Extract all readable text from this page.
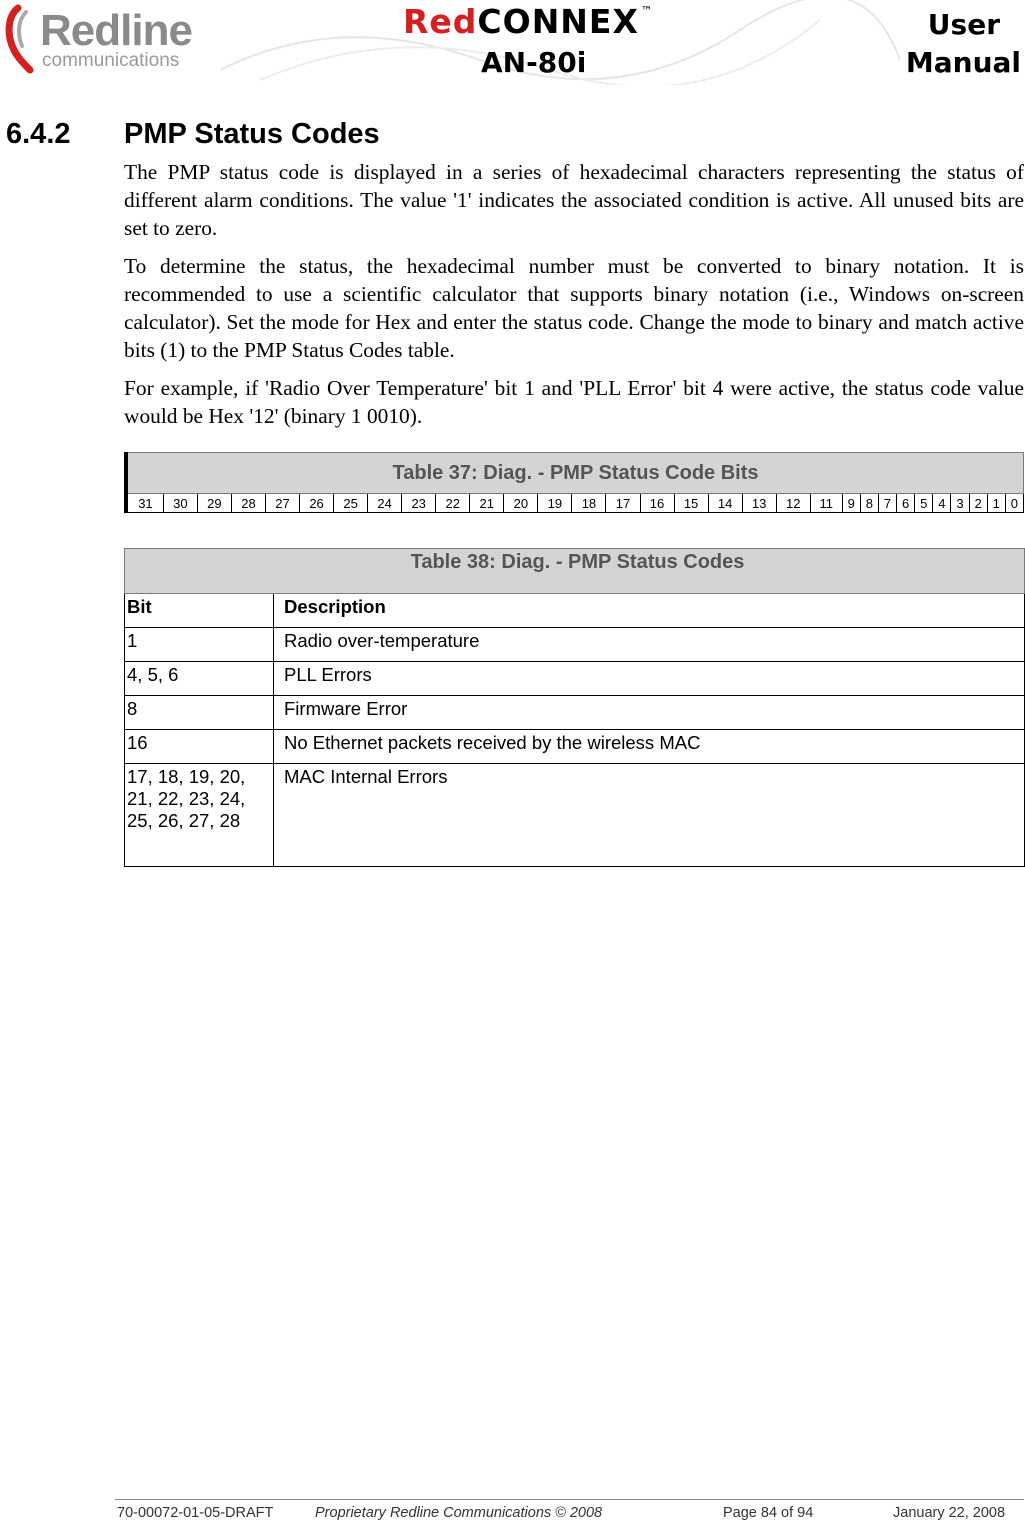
Redline
communications
RedCONNEX ™
AN-80i
User
Manual
6.4.2 PMP Status Codes

The PMP status code is displayed in a series of hexadecimal characters representing the status of different alarm conditions. The value '1' indicates the associated condition is active. All unused bits are set to zero.

To determine the status, the hexadecimal number must be converted to binary notation. It is recommended to use a scientific calculator that supports binary notation (i.e., Windows on-screen calculator). Set the mode for Hex and enter the status code. Change the mode to binary and match active bits (1) to the PMP Status Codes table.

For example, if 'Radio Over Temperature' bit 1 and 'PLL Error' bit 4 were active, the status code value would be Hex '12' (binary 1 0010).

Table 37: Diag. - PMP Status Code Bits
31	30	29	28	27	26	25	24	23	22	21	20	19	18	17	16	15	14	13	12	11	9	8	7	6	5	4	3	2	1	0
Table 38: Diag. - PMP Status Codes	
Bit	Description
1	Radio over-temperature
4, 5, 6	PLL Errors
8	Firmware Error
16	No Ethernet packets received by the wireless MAC
17, 18, 19, 20, 21, 22, 23, 24, 25, 26, 27, 28	MAC Internal Errors
70-00072-01-05-DRAFT	Proprietary Redline Communications © 2008	Page 84 of 94	January 22, 2008
